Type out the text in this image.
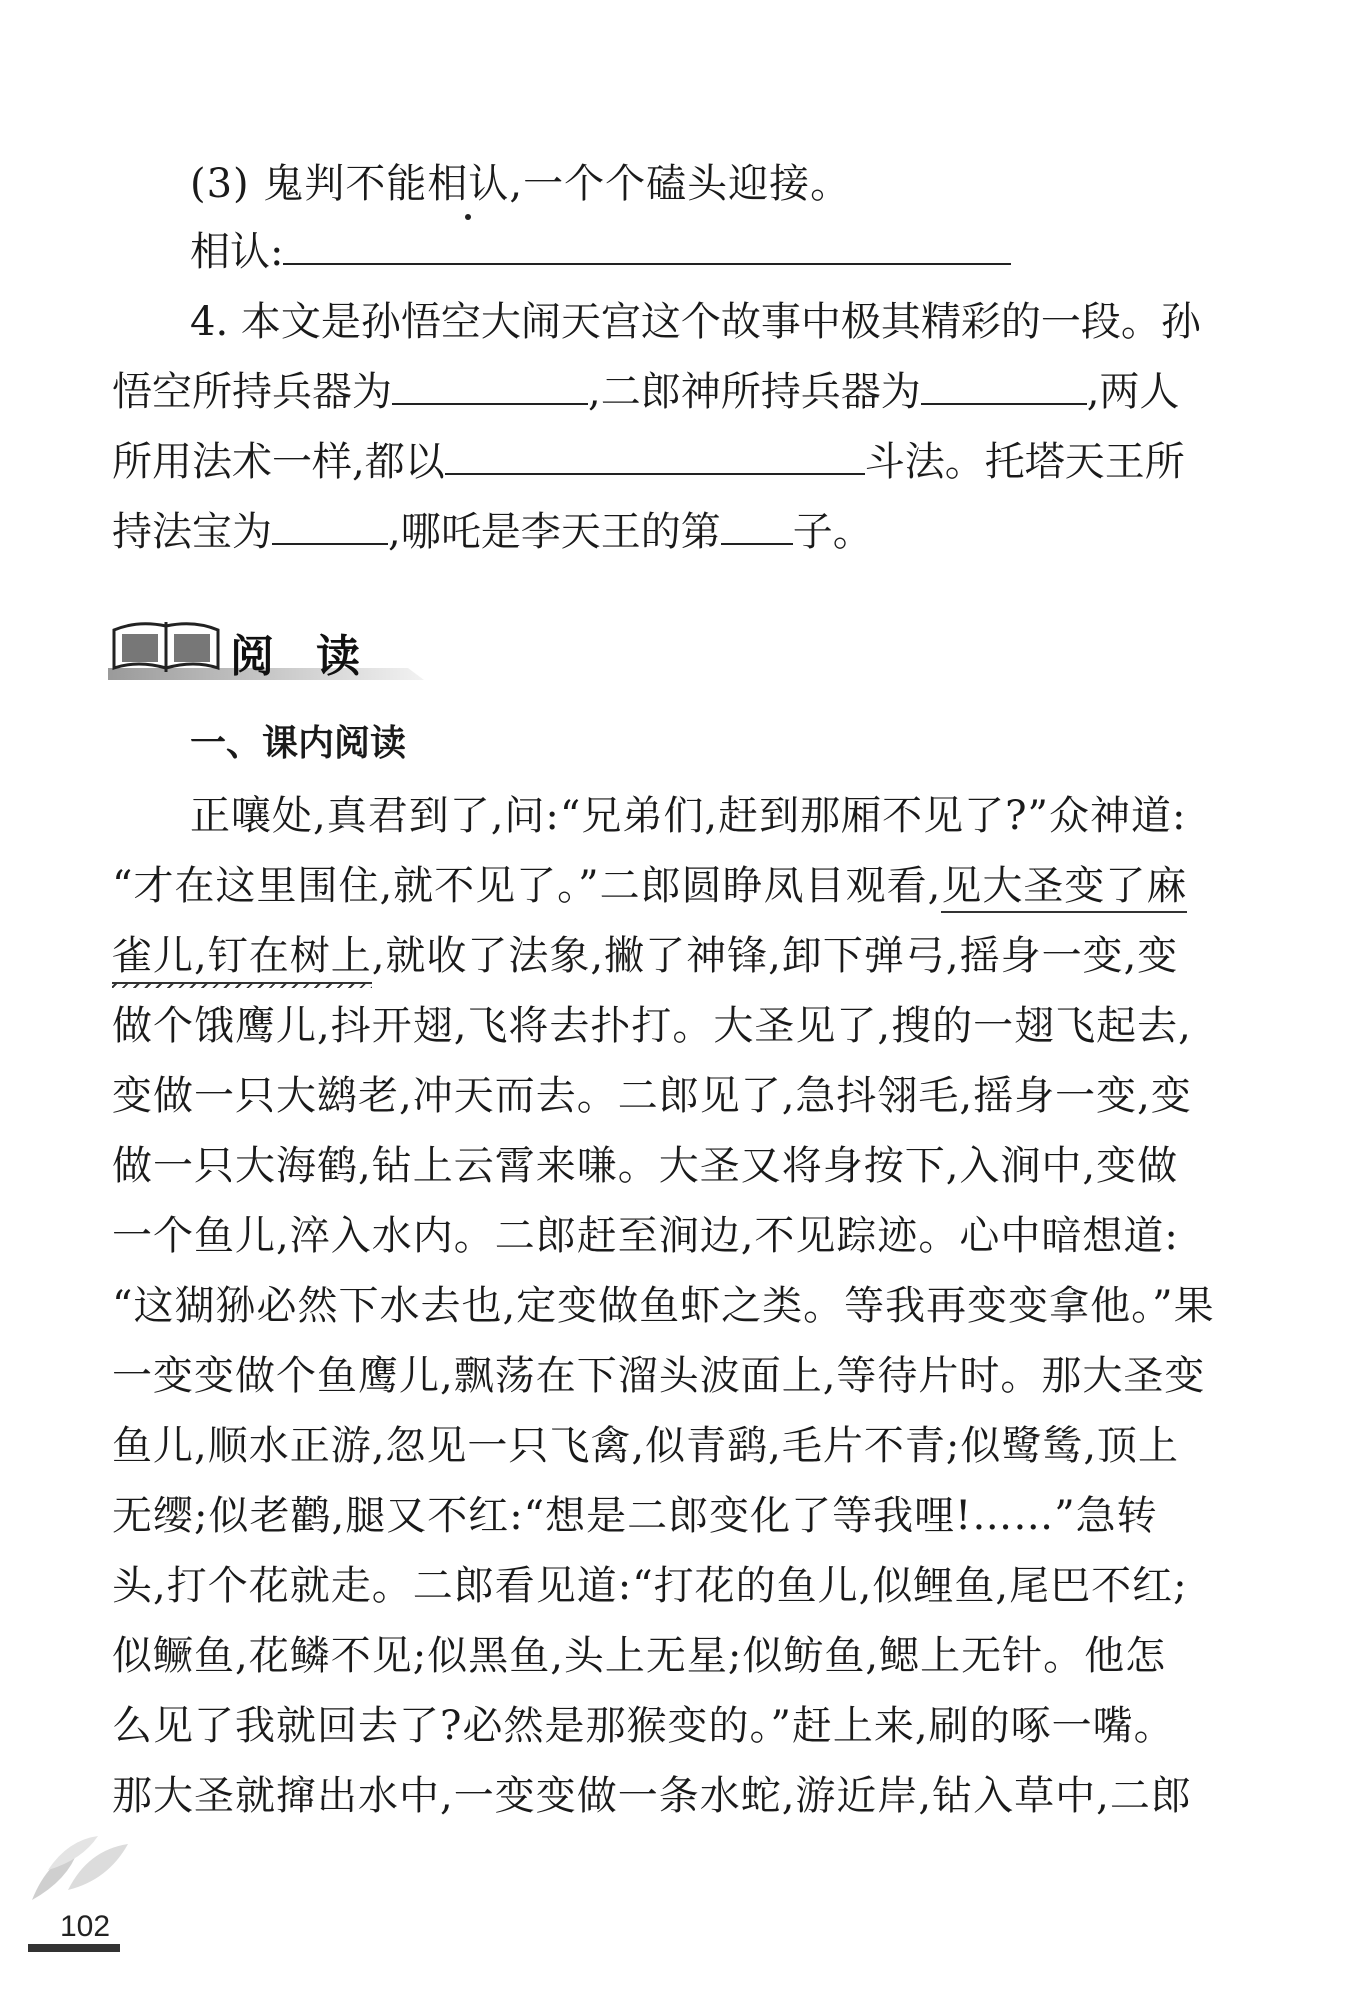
(3) 鬼判不能相认,一个个磕头迎接。
相认:
4. 本文是孙悟空大闹天宫这个故事中极其精彩的一段。孙
悟空所持兵器为	,二郎神所持兵器为	,两人
所用法术一样,都以	斗法。托塔天王所
持法宝为	,哪吒是李天王的第 子。
阅读
一、课内阅读
正嚷处,真君到了,问:“兄弟们,赶到那厢不见了?”众神道:
“才在这里围住,就不见了。”二郎圆睁凤目观看,见大圣变了麻
雀儿,钉在树上,就收了法象,撇了神锋,卸下弹弓,摇身一变,变
做个饿鹰儿,抖开翅,飞将去扑打。大圣见了,搜的一翅飞起去,
变做一只大鹚老,冲天而去。二郎见了,急抖翎毛,摇身一变,变
做一只大海鹤,钻上云霄来嗛。大圣又将身按下,入涧中,变做
一个鱼儿,淬入水内。二郎赶至涧边,不见踪迹。心中暗想道:
“这猢狲必然下水去也,定变做鱼虾之类。等我再变变拿他。”果
一变变做个鱼鹰儿,飘荡在下溜头波面上,等待片时。那大圣变
鱼儿,顺水正游,忽见一只飞禽,似青鹞,毛片不青;似鹭鸶,顶上
无缨;似老鹳,腿又不红:“想是二郎变化了等我哩!……”急转
头,打个花就走。二郎看见道:“打花的鱼儿,似鲤鱼,尾巴不红;
似鳜鱼,花鳞不见;似黑鱼,头上无星;似鲂鱼,鳃上无针。他怎
么见了我就回去了?必然是那猴变的。”赶上来,刷的啄一嘴。
那大圣就撺出水中,一变变做一条水蛇,游近岸,钻入草中,二郎
102
